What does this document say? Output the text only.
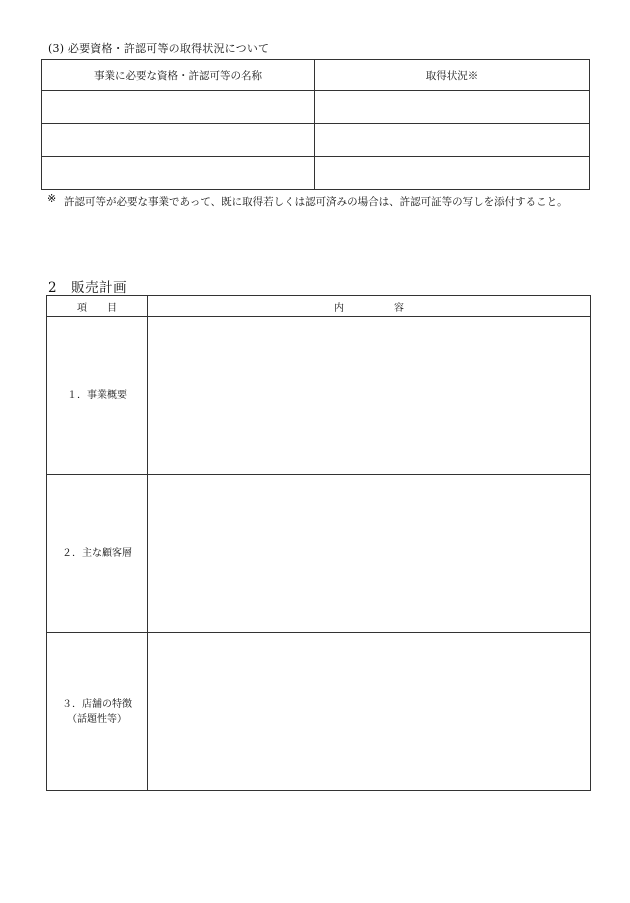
(3) 必要資格・許認可等の取得状況について
事業に必要な資格・許認可等の名称	取得状況※

※ 許認可等が必要な事業であって、既に取得若しくは認可済みの場合は、許認可証等の写しを添付すること。
2　販売計画
項　　目	内　　　　　容

１．事業概要	

２．主な顧客層	

３．店舗の特徴
（話題性等）	
